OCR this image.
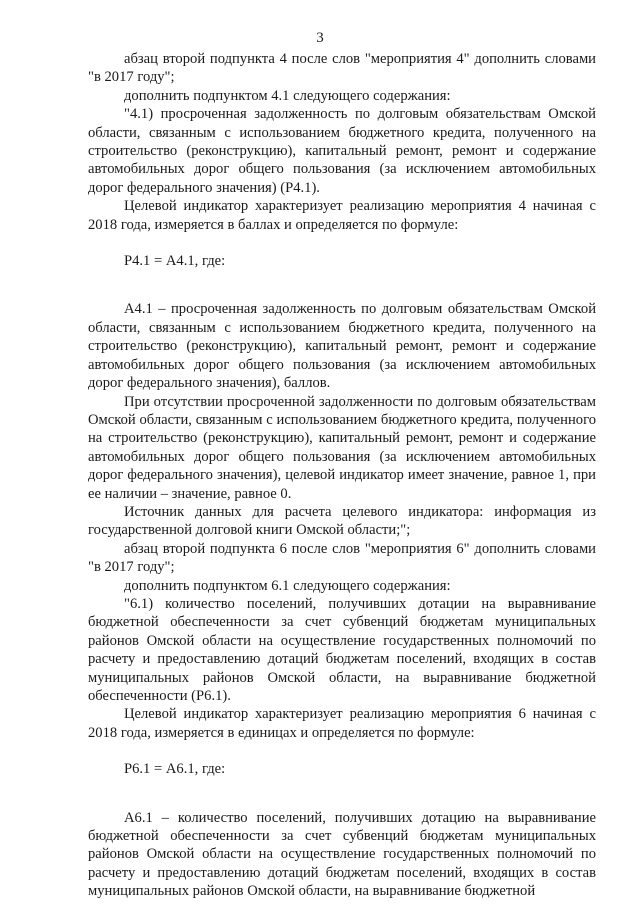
3

абзац второй подпункта 4 после слов "мероприятия 4" дополнить словами "в 2017 году";

дополнить подпунктом 4.1 следующего содержания:

"4.1) просроченная задолженность по долговым обязательствам Омской области, связанным с использованием бюджетного кредита, полученного на строительство (реконструкцию), капитальный ремонт, ремонт и содержание автомобильных дорог общего пользования (за исключением автомобильных дорог федерального значения) (Р4.1).

Целевой индикатор характеризует реализацию мероприятия 4 начиная с 2018 года, измеряется в баллах и определяется по формуле:

Р4.1 = А4.1, где:

А4.1 – просроченная задолженность по долговым обязательствам Омской области, связанным с использованием бюджетного кредита, полученного на строительство (реконструкцию), капитальный ремонт, ремонт и содержание автомобильных дорог общего пользования (за исключением автомобильных дорог федерального значения), баллов.

При отсутствии просроченной задолженности по долговым обязательствам Омской области, связанным с использованием бюджетного кредита, полученного на строительство (реконструкцию), капитальный ремонт, ремонт и содержание автомобильных дорог общего пользования (за исключением автомобильных дорог федерального значения), целевой индикатор имеет значение, равное 1, при ее наличии – значение, равное 0.

Источник данных для расчета целевого индикатора: информация из государственной долговой книги Омской области;";

абзац второй подпункта 6 после слов "мероприятия 6" дополнить словами "в 2017 году";

дополнить подпунктом 6.1 следующего содержания:

"6.1) количество поселений, получивших дотации на выравнивание бюджетной обеспеченности за счет субвенций бюджетам муниципальных районов Омской области на осуществление государственных полномочий по расчету и предоставлению дотаций бюджетам поселений, входящих в состав муниципальных районов Омской области, на выравнивание бюджетной обеспеченности (Р6.1).

Целевой индикатор характеризует реализацию мероприятия 6 начиная с 2018 года, измеряется в единицах и определяется по формуле:

Р6.1 = А6.1, где:

А6.1 – количество поселений, получивших дотацию на выравнивание бюджетной обеспеченности за счет субвенций бюджетам муниципальных районов Омской области на осуществление государственных полномочий по расчету и предоставлению дотаций бюджетам поселений, входящих в состав муниципальных районов Омской области, на выравнивание бюджетной
